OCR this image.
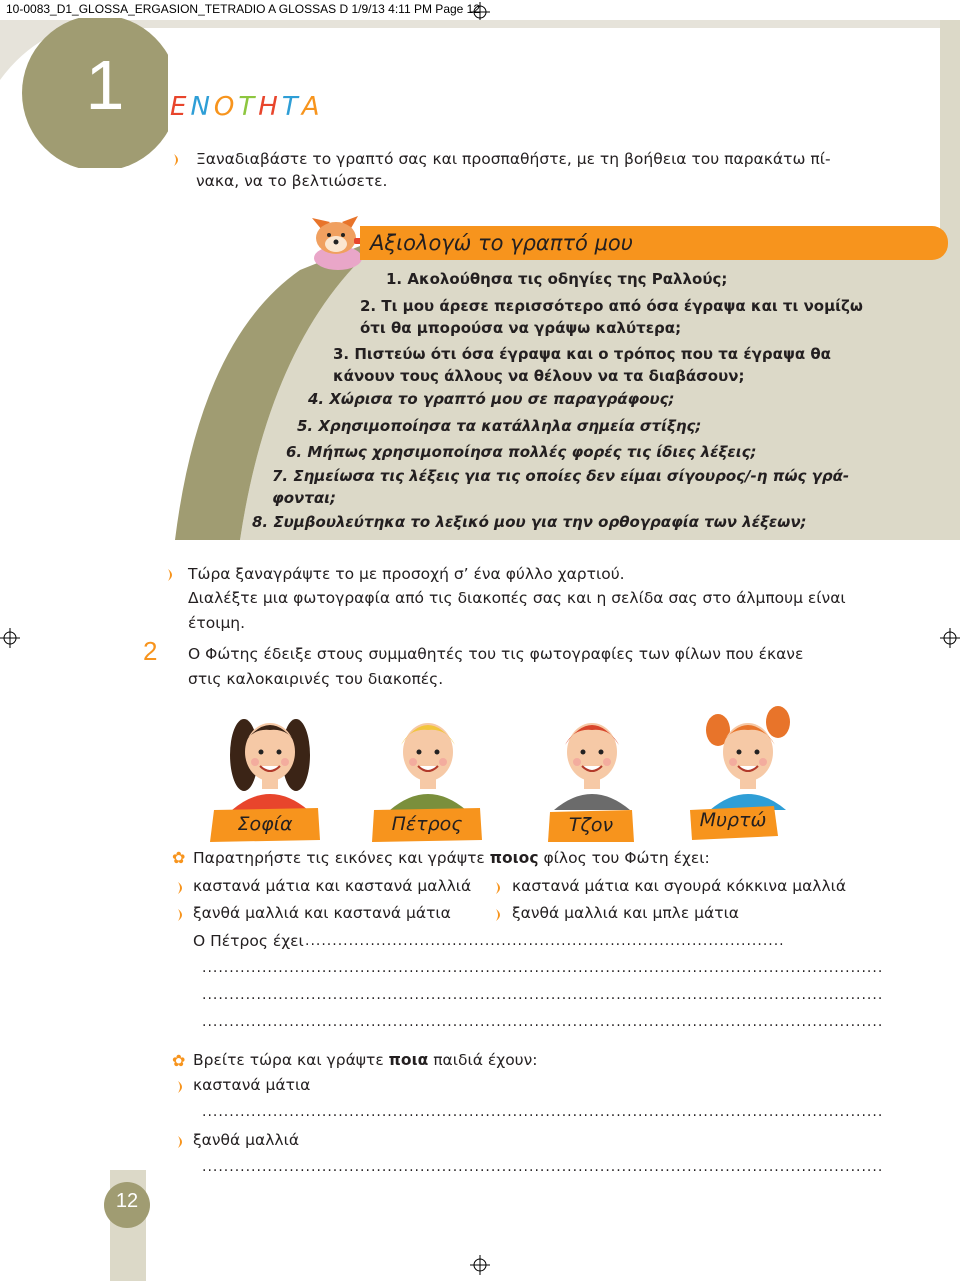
10-0083_D1_GLOSSA_ERGASION_TETRADIO A GLOSSAS D 1/9/13 4:11 PM Page 12
1	ΕΝΟΤΗΤΑ
Ξαναδιαβάστε το γραπτό σας και προσπαθήστε, με τη βοήθεια του παρακάτω πί-νακα, να το βελτιώσετε.
Αξιολογώ το γραπτό μου
1. Ακολούθησα τις οδηγίες της Ραλλούς;
2. Τι μου άρεσε περισσότερο από όσα έγραψα και τι νομίζω ότι θα μπορούσα να γράψω καλύτερα;
3. Πιστεύω ότι όσα έγραψα και ο τρόπος που τα έγραψα θα κάνουν τους άλλους να θέλουν να τα διαβάσουν;
4. Χώρισα το γραπτό μου σε παραγράφους;
5. Χρησιμοποίησα τα κατάλληλα σημεία στίξης;
6. Μήπως χρησιμοποίησα πολλές φορές τις ίδιες λέξεις;
7. Σημείωσα τις λέξεις για τις οποίες δεν είμαι σίγουρος/-η πώς γρά-φονται;
8. Συμβουλεύτηκα το λεξικό μου για την ορθογραφία των λέξεων;
Τώρα ξαναγράψτε το με προσοχή σ’ ένα φύλλο χαρτιού.
Διαλέξτε μια φωτογραφία από τις διακοπές σας και η σελίδα σας στο άλμπουμ είναι έτοιμη.
2 Ο Φώτης έδειξε στους συμμαθητές του τις φωτογραφίες των φίλων που έκανε στις καλοκαιρινές του διακοπές.
Σοφία	Πέτρος	Τζον	Μυρτώ
✿ Παρατηρήστε τις εικόνες και γράψτε ποιος φίλος του Φώτη έχει:
καστανά μάτια και καστανά μαλλιά	καστανά μάτια και σγουρά κόκκινα μαλλιά
ξανθά μαλλιά και καστανά μάτια	ξανθά μαλλιά και μπλε μάτια
Ο Πέτρος έχει ........................................................................................
.............................................................................................................................
.............................................................................................................................
.............................................................................................................................
✿ Βρείτε τώρα και γράψτε ποια παιδιά έχουν:
καστανά μάτια
.............................................................................................................................
ξανθά μαλλιά
.............................................................................................................................
12
